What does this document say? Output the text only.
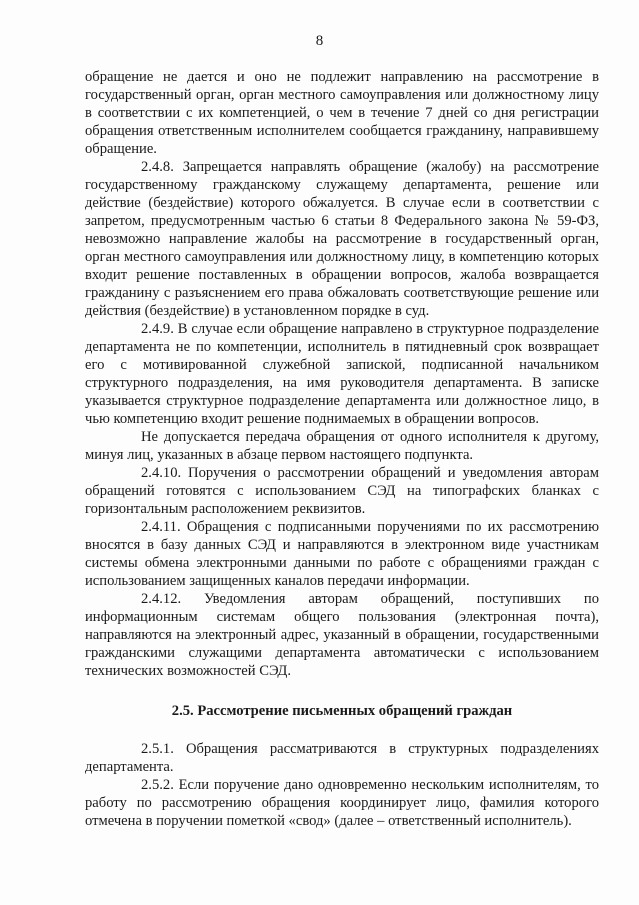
8

обращение не дается и оно не подлежит направлению на рассмотрение в государственный орган, орган местного самоуправления или должностному лицу в соответствии с их компетенцией, о чем в течение 7 дней со дня регистрации обращения ответственным исполнителем сообщается гражданину, направившему обращение.

2.4.8. Запрещается направлять обращение (жалобу) на рассмотрение государственному гражданскому служащему департамента, решение или действие (бездействие) которого обжалуется. В случае если в соответствии с запретом, предусмотренным частью 6 статьи 8 Федерального закона № 59-ФЗ, невозможно направление жалобы на рассмотрение в государственный орган, орган местного самоуправления или должностному лицу, в компетенцию которых входит решение поставленных в обращении вопросов, жалоба возвращается гражданину с разъяснением его права обжаловать соответствующие решение или действия (бездействие) в установленном порядке в суд.

2.4.9. В случае если обращение направлено в структурное подразделение департамента не по компетенции, исполнитель в пятидневный срок возвращает его с мотивированной служебной запиской, подписанной начальником структурного подразделения, на имя руководителя департамента. В записке указывается структурное подразделение департамента или должностное лицо, в чью компетенцию входит решение поднимаемых в обращении вопросов.

Не допускается передача обращения от одного исполнителя к другому, минуя лиц, указанных в абзаце первом настоящего подпункта.

2.4.10. Поручения о рассмотрении обращений и уведомления авторам обращений готовятся с использованием СЭД на типографских бланках с горизонтальным расположением реквизитов.

2.4.11. Обращения с подписанными поручениями по их рассмотрению вносятся в базу данных СЭД и направляются в электронном виде участникам системы обмена электронными данными по работе с обращениями граждан с использованием защищенных каналов передачи информации.

2.4.12. Уведомления авторам обращений, поступивших по информационным системам общего пользования (электронная почта), направляются на электронный адрес, указанный в обращении, государственными гражданскими служащими департамента автоматически с использованием технических возможностей СЭД.

2.5. Рассмотрение письменных обращений граждан

2.5.1. Обращения рассматриваются в структурных подразделениях департамента.

2.5.2. Если поручение дано одновременно нескольким исполнителям, то работу по рассмотрению обращения координирует лицо, фамилия которого отмечена в поручении пометкой «свод» (далее – ответственный исполнитель).
